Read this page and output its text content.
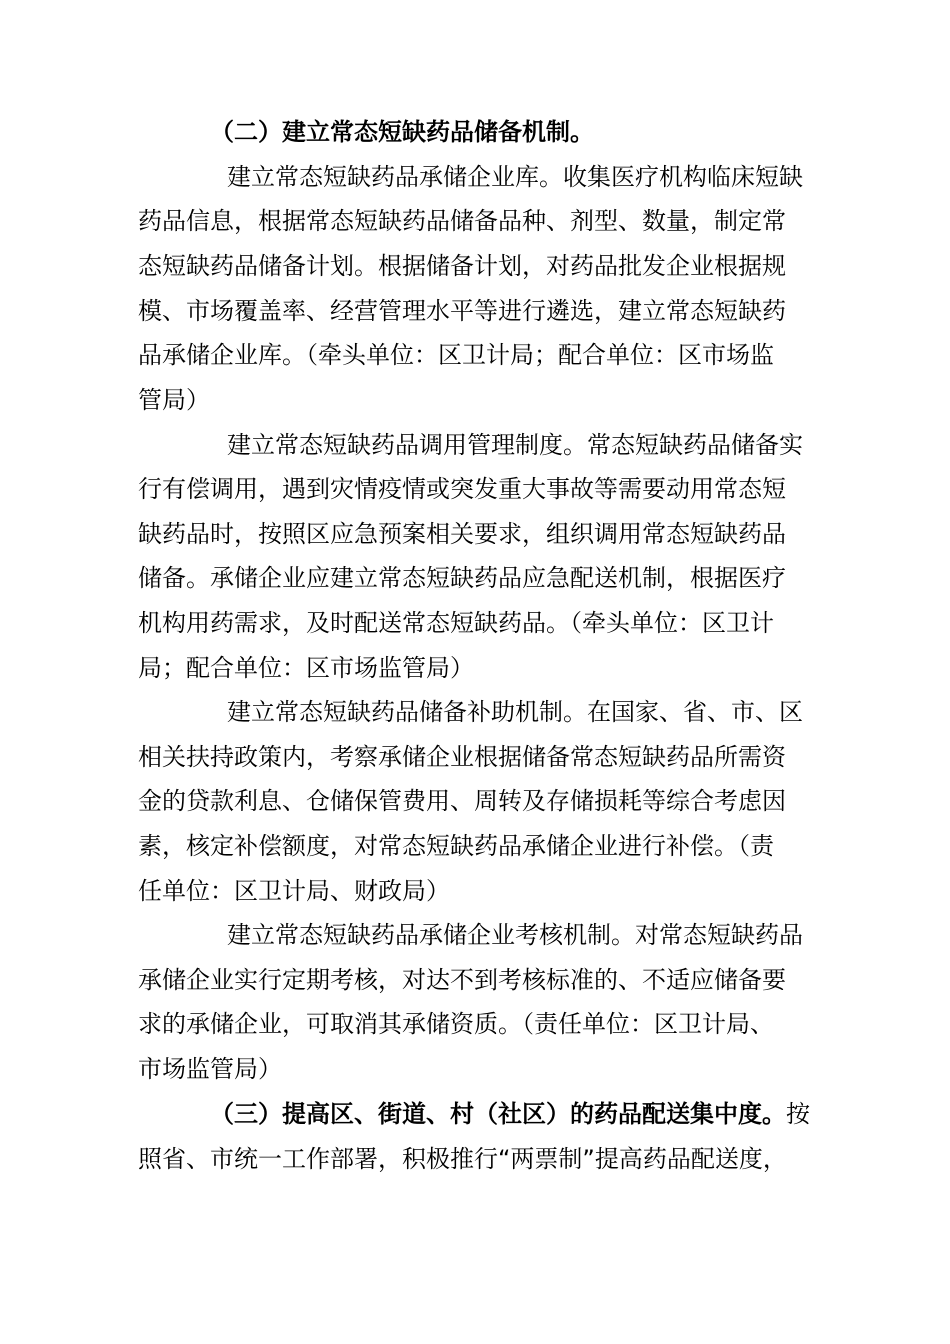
（二）建立常态短缺药品储备机制。
建立常态短缺药品承储企业库。收集医疗机构临床短缺
药品信息，根据常态短缺药品储备品种、剂型、数量，制定常
态短缺药品储备计划。根据储备计划，对药品批发企业根据规
模、市场覆盖率、经营管理水平等进行遴选，建立常态短缺药
品承储企业库。（牵头单位：区卫计局；配合单位：区市场监
管局）
建立常态短缺药品调用管理制度。常态短缺药品储备实
行有偿调用，遇到灾情疫情或突发重大事故等需要动用常态短
缺药品时，按照区应急预案相关要求，组织调用常态短缺药品
储备。承储企业应建立常态短缺药品应急配送机制，根据医疗
机构用药需求，及时配送常态短缺药品。（牵头单位：区卫计
局；配合单位：区市场监管局）
建立常态短缺药品储备补助机制。在国家、省、市、区
相关扶持政策内，考察承储企业根据储备常态短缺药品所需资
金的贷款利息、仓储保管费用、周转及存储损耗等综合考虑因
素，核定补偿额度，对常态短缺药品承储企业进行补偿。（责
任单位：区卫计局、财政局）
建立常态短缺药品承储企业考核机制。对常态短缺药品
承储企业实行定期考核，对达不到考核标准的、不适应储备要
求的承储企业，可取消其承储资质。（责任单位：区卫计局、
市场监管局）
（三）提高区、街道、村（社区）的药品配送集中度。按
照省、市统一工作部署，积极推行“两票制”提高药品配送度，
